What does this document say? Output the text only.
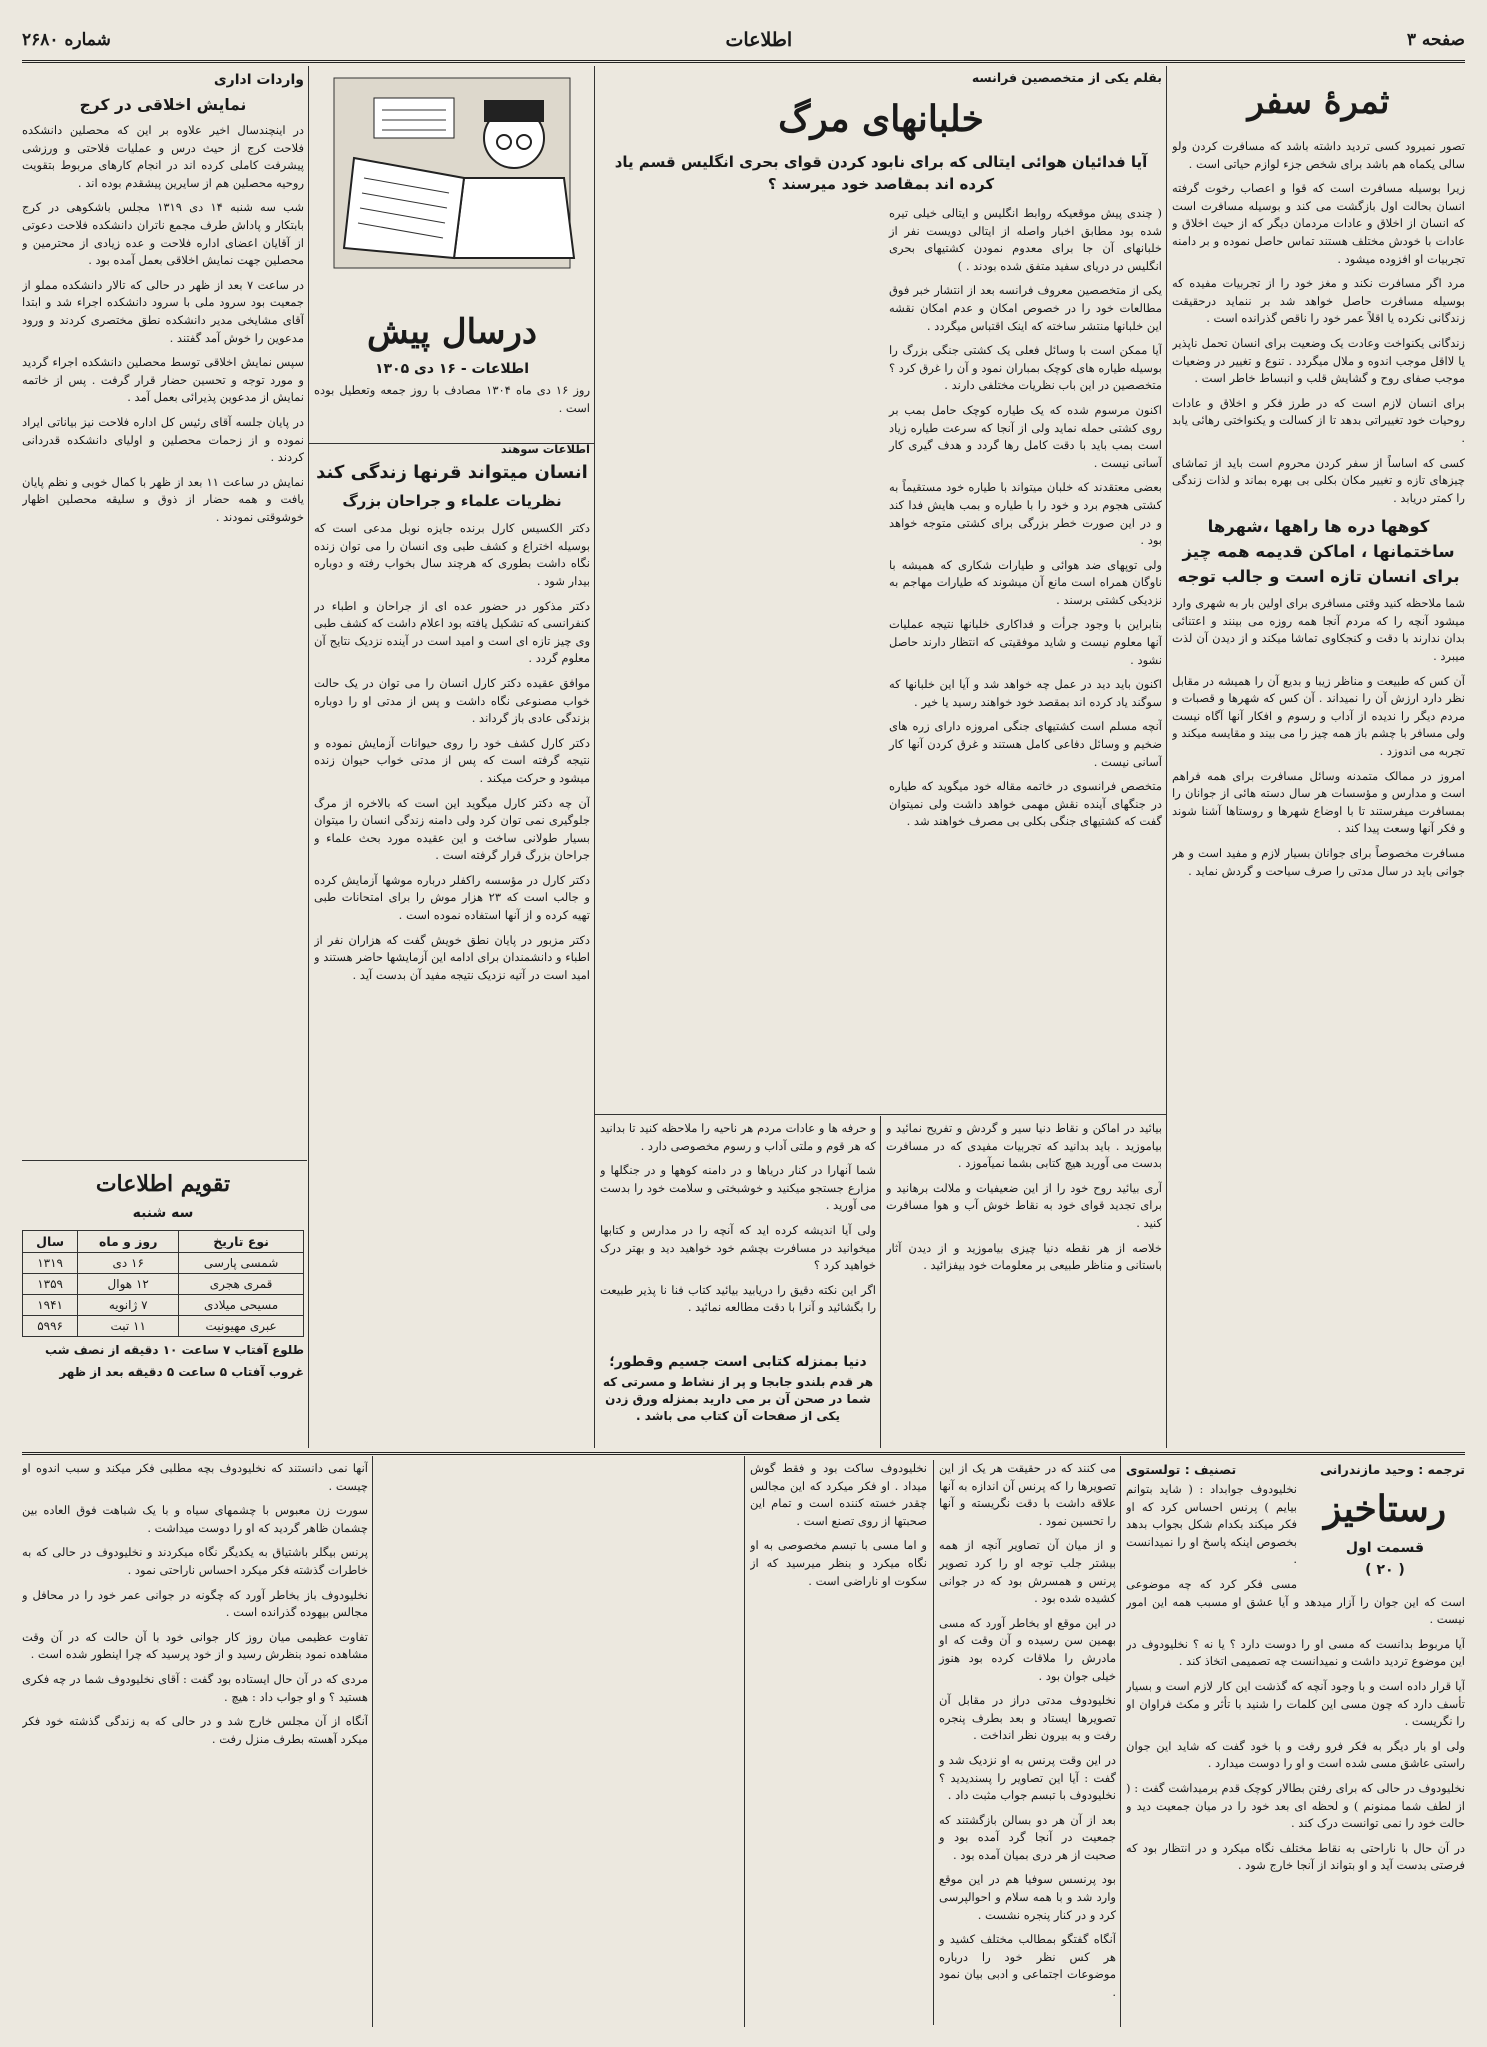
صفحه ۳
اطلاعات
شماره ۲۶۸۰
ثمرهٔ سفر

تصور نمیرود کسی تردید داشته باشد که مسافرت کردن ولو سالی یکماه هم باشد برای شخص جزء لوازم حیاتی است .

زیرا بوسیله مسافرت است که قوا و اعصاب رخوت گرفته انسان بحالت اول بازگشت می کند و بوسیله مسافرت است که انسان از اخلاق و عادات مردمان دیگر که از حیث اخلاق و عادات با خودش مختلف هستند تماس حاصل نموده و بر دامنه تجربیات او افزوده میشود .

مرد اگر مسافرت نکند و مغز خود را از تجربیات مفیده که بوسیله مسافرت حاصل خواهد شد بر ننماید درحقیقت زندگانی نکرده یا اقلاً عمر خود را ناقص گذرانده است .

زندگانی یکنواخت وعادت یک وضعیت برای انسان تحمل ناپذیر یا لااقل موجب اندوه و ملال میگردد . تنوع و تغییر در وضعیات موجب صفای روح و گشایش قلب و انبساط خاطر است .

برای انسان لازم است که در طرز فکر و اخلاق و عادات روحیات خود تغییراتی بدهد تا از کسالت و یکنواختی رهائی یابد .

کسی که اساساً از سفر کردن محروم است باید از تماشای چیزهای تازه و تغییر مکان بکلی بی بهره بماند و لذات زندگی را کمتر دریابد .

کوهها دره ها راهها ،شهرها ساختمانها ، اماکن قدیمه همه چیز برای انسان تازه است و جالب توجه

شما ملاحظه کنید وقتی مسافری برای اولین بار به شهری وارد میشود آنچه را که مردم آنجا همه روزه می بینند و اعتنائی بدان ندارند با دقت و کنجکاوی تماشا میکند و از دیدن آن لذت میبرد .

آن کس که طبیعت و مناظر زیبا و بدیع آن را همیشه در مقابل نظر دارد ارزش آن را نمیداند . آن کس که شهرها و قصبات و مردم دیگر را ندیده از آداب و رسوم و افکار آنها آگاه نیست ولی مسافر با چشم باز همه چیز را می بیند و مقایسه میکند و تجربه می اندوزد .

امروز در ممالک متمدنه وسائل مسافرت برای همه فراهم است و مدارس و مؤسسات هر سال دسته هائی از جوانان را بمسافرت میفرستند تا با اوضاع شهرها و روستاها آشنا شوند و فکر آنها وسعت پیدا کند .

مسافرت مخصوصاً برای جوانان بسیار لازم و مفید است و هر جوانی باید در سال مدتی را صرف سیاحت و گردش نماید .

بقلم یکی از متخصصین فرانسه
خلبانهای مرگ
آیا فدائیان هوائی ایتالی که برای نابود کردن قوای بحری انگلیس قسم یاد کرده اند بمقاصد خود میرسند ؟

( چندی پیش موقعیکه روابط انگلیس و ایتالی خیلی تیره شده بود مطابق اخبار واصله از ایتالی دویست نفر از خلبانهای آن جا برای معدوم نمودن کشتیهای بحری انگلیس در دریای سفید متفق شده بودند . )

یکی از متخصصین معروف فرانسه بعد از انتشار خبر فوق مطالعات خود را در خصوص امکان و عدم امکان نقشه این خلبانها منتشر ساخته که اینک اقتباس میگردد .

آیا ممکن است با وسائل فعلی یک کشتی جنگی بزرگ را بوسیله طیاره های کوچک بمباران نمود و آن را غرق کرد ؟ متخصصین در این باب نظریات مختلفی دارند .

اکنون مرسوم شده که یک طیاره کوچک حامل بمب بر روی کشتی حمله نماید ولی از آنجا که سرعت طیاره زیاد است بمب باید با دقت کامل رها گردد و هدف گیری کار آسانی نیست .

بعضی معتقدند که خلبان میتواند با طیاره خود مستقیماً به کشتی هجوم برد و خود را با طیاره و بمب هایش فدا کند و در این صورت خطر بزرگی برای کشتی متوجه خواهد بود .

ولی توپهای ضد هوائی و طیارات شکاری که همیشه با ناوگان همراه است مانع آن میشوند که طیارات مهاجم به نزدیکی کشتی برسند .

بنابراین با وجود جرأت و فداکاری خلبانها نتیجه عملیات آنها معلوم نیست و شاید موفقیتی که انتظار دارند حاصل نشود .

اکنون باید دید در عمل چه خواهد شد و آیا این خلبانها که سوگند یاد کرده اند بمقصد خود خواهند رسید یا خیر .

آنچه مسلم است کشتیهای جنگی امروزه دارای زره های ضخیم و وسائل دفاعی کامل هستند و غرق کردن آنها کار آسانی نیست .

متخصص فرانسوی در خاتمه مقاله خود میگوید که طیاره در جنگهای آینده نقش مهمی خواهد داشت ولی نمیتوان گفت که کشتیهای جنگی بکلی بی مصرف خواهند شد .

و حرفه ها و عادات مردم هر ناحیه را ملاحظه کنید تا بدانید که هر قوم و ملتی آداب و رسوم مخصوصی دارد .

شما آنهارا در کنار دریاها و در دامنه کوهها و در جنگلها و مزارع جستجو میکنید و خوشبختی و سلامت خود را بدست می آورید .

ولی آیا اندیشه کرده اید که آنچه را در مدارس و کتابها میخوانید در مسافرت بچشم خود خواهید دید و بهتر درک خواهید کرد ؟

اگر این نکته دقیق را دریابید بیائید کتاب فنا نا پذیر طبیعت را بگشائید و آنرا با دقت مطالعه نمائید .

بیائید در اماکن و نقاط دنیا سیر و گردش و تفریح نمائید و بیاموزید . باید بدانید که تجربیات مفیدی که در مسافرت بدست می آورید هیچ کتابی بشما نمیآموزد .

آری بیائید روح خود را از این ضعیفیات و ملالت برهانید و برای تجدید قوای خود به نقاط خوش آب و هوا مسافرت کنید .

خلاصه از هر نقطه دنیا چیزی بیاموزید و از دیدن آثار باستانی و مناظر طبیعی بر معلومات خود بیفزائید .

دنیا بمنزله کتابی است جسیم وقطور؛
هر قدم بلندو جابجا و پر از نشاط و مسرتی که شما در صحن آن بر می دارید بمنزله ورق زدن یکی از صفحات آن کتاب می باشد .
درسال پیش
اطلاعات - ۱۶ دی ۱۳۰۵

روز ۱۶ دی ماه ۱۳۰۴ مصادف با روز جمعه وتعطیل بوده است .

اطلاعات سوهند
انسان میتواند قرنها زندگی کند
نظریات علماء و جراحان بزرگ

دکتر الکسیس کارل برنده جایزه نوبل مدعی است که بوسیله اختراع و کشف طبی وی انسان را می توان زنده نگاه داشت بطوری که هرچند سال بخواب رفته و دوباره بیدار شود .

دکتر مذکور در حضور عده ای از جراحان و اطباء در کنفرانسی که تشکیل یافته بود اعلام داشت که کشف طبی وی چیز تازه ای است و امید است در آینده نزدیک نتایج آن معلوم گردد .

موافق عقیده دکتر کارل انسان را می توان در یک حالت خواب مصنوعی نگاه داشت و پس از مدتی او را دوباره بزندگی عادی باز گرداند .

دکتر کارل کشف خود را روی حیوانات آزمایش نموده و نتیجه گرفته است که پس از مدتی خواب حیوان زنده میشود و حرکت میکند .

آن چه دکتر کارل میگوید این است که بالاخره از مرگ جلوگیری نمی توان کرد ولی دامنه زندگی انسان را میتوان بسیار طولانی ساخت و این عقیده مورد بحث علماء و جراحان بزرگ قرار گرفته است .

دکتر کارل در مؤسسه راکفلر درباره موشها آزمایش کرده و جالب است که ۲۳ هزار موش را برای امتحانات طبی تهیه کرده و از آنها استفاده نموده است .

دکتر مزبور در پایان نطق خویش گفت که هزاران نفر از اطباء و دانشمندان برای ادامه این آزمایشها حاضر هستند و امید است در آتیه نزدیک نتیجه مفید آن بدست آید .

واردات اداری
نمایش اخلاقی در کرج

در اینچندسال اخیر علاوه بر این که محصلین دانشکده فلاحت کرج از حیث درس و عملیات فلاحتی و ورزشی پیشرفت کاملی کرده اند در انجام کارهای مربوط بتقویت روحیه محصلین هم از سایرین پیشقدم بوده اند .

شب سه شنبه ۱۴ دی ۱۳۱۹ مجلس باشکوهی در کرج بابتکار و پاداش طرف مجمع ناتران دانشکده فلاحت دعوتی از آقایان اعضای اداره فلاحت و عده زیادی از محترمین و محصلین جهت نمایش اخلاقی بعمل آمده بود .

در ساعت ۷ بعد از ظهر در حالی که تالار دانشکده مملو از جمعیت بود سرود ملی با سرود دانشکده اجراء شد و ابتدا آقای مشایخی مدیر دانشکده نطق مختصری کردند و ورود مدعوین را خوش آمد گفتند .

سپس نمایش اخلاقی توسط محصلین دانشکده اجراء گردید و مورد توجه و تحسین حضار قرار گرفت . پس از خاتمه نمایش از مدعوین پذیرائی بعمل آمد .

در پایان جلسه آقای رئیس کل اداره فلاحت نیز بیاناتی ایراد نموده و از زحمات محصلین و اولیای دانشکده قدردانی کردند .

نمایش در ساعت ۱۱ بعد از ظهر با کمال خوبی و نظم پایان یافت و همه حضار از ذوق و سلیقه محصلین اظهار خوشوقتی نمودند .

تقویم اطلاعات
سه شنبه
نوع تاریخ	روز و ماه	سال
شمسی پارسی	۱۶ دی	۱۳۱۹
قمری هجری	۱۲ هوال	۱۳۵۹
مسیحی میلادی	۷ ژانویه	۱۹۴۱
عبری مهیونیت	۱۱ تبت	۵۹۹۶
طلوع آفتاب ۷ ساعت ۱۰ دقیقه از نصف شب
غروب آفتاب ۵ ساعت ۵ دقیقه بعد از ظهر
ترجمه : وحید مازندرانی
تصنیف : تولستوی
رستاخیز
قسمت اول
( ۲۰ )

نخلیودوف جوابداد : ( شاید بتوانم بیایم ) پرنس احساس کرد که او فکر میکند بکدام شکل بجواب بدهد بخصوص اینکه پاسخ او را نمیدانست .

مسی فکر کرد که چه موضوعی است که این جوان را آزار میدهد و آیا عشق او مسبب همه این امور نیست .

آیا مربوط بدانست که مسی او را دوست دارد ؟ یا نه ؟ نخلیودوف در این موضوع تردید داشت و نمیدانست چه تصمیمی اتخاذ کند .

آیا قرار داده است و با وجود آنچه که گذشت این کار لازم است و بسیار تأسف دارد که چون مسی این کلمات را شنید با تأثر و مکث فراوان او را نگریست .

ولی او بار دیگر به فکر فرو رفت و با خود گفت که شاید این جوان راستی عاشق مسی شده است و او را دوست میدارد .

نخلیودوف در حالی که برای رفتن بطالار کوچک قدم برمیداشت گفت : ( از لطف شما ممنونم ) و لحظه ای بعد خود را در میان جمعیت دید و حالت خود را نمی توانست درک کند .

در آن حال با ناراحتی به نقاط مختلف نگاه میکرد و در انتظار بود که فرصتی بدست آید و او بتواند از آنجا خارج شود .

می کنند که در حقیقت هر یک از این تصویرها را که پرنس آن اندازه به آنها علاقه داشت با دقت نگریسته و آنها را تحسین نمود .

و از میان آن تصاویر آنچه از همه بیشتر جلب توجه او را کرد تصویر پرنس و همسرش بود که در جوانی کشیده شده بود .

در این موقع او بخاطر آورد که مسی بهمین سن رسیده و آن وقت که او مادرش را ملاقات کرده بود هنوز خیلی جوان بود .

نخلیودوف مدتی دراز در مقابل آن تصویرها ایستاد و بعد بطرف پنجره رفت و به بیرون نظر انداخت .

در این وقت پرنس به او نزدیک شد و گفت : آیا این تصاویر را پسندیدید ؟ نخلیودوف با تبسم جواب مثبت داد .

بعد از آن هر دو بسالن بازگشتند که جمعیت در آنجا گرد آمده بود و صحبت از هر دری بمیان آمده بود .

بود پرنسس سوفیا هم در این موقع وارد شد و با همه سلام و احوالپرسی کرد و در کنار پنجره نشست .

آنگاه گفتگو بمطالب مختلف کشید و هر کس نظر خود را درباره موضوعات اجتماعی و ادبی بیان نمود .

نخلیودوف ساکت بود و فقط گوش میداد . او فکر میکرد که این مجالس چقدر خسته کننده است و تمام این صحبتها از روی تصنع است .

و اما مسی با تبسم مخصوصی به او نگاه میکرد و بنظر میرسید که از سکوت او ناراضی است .

آنها نمی دانستند که نخلیودوف بچه مطلبی فکر میکند و سبب اندوه او چیست .

سورت زن معبوس با چشمهای سیاه و با یک شباهت فوق العاده بین چشمان ظاهر گردید که او را دوست میداشت .

پرنس بیگلر باشتیاق به یکدیگر نگاه میکردند و نخلیودوف در حالی که به خاطرات گذشته فکر میکرد احساس ناراحتی نمود .

نخلیودوف باز بخاطر آورد که چگونه در جوانی عمر خود را در محافل و مجالس بیهوده گذرانده است .

تفاوت عظیمی میان روز کار جوانی خود با آن حالت که در آن وقت مشاهده نمود بنظرش رسید و از خود پرسید که چرا اینطور شده است .

مردی که در آن حال ایستاده بود گفت : آقای نخلیودوف شما در چه فکری هستید ؟ و او جواب داد : هیچ .

آنگاه از آن مجلس خارج شد و در حالی که به زندگی گذشته خود فکر میکرد آهسته بطرف منزل رفت .
